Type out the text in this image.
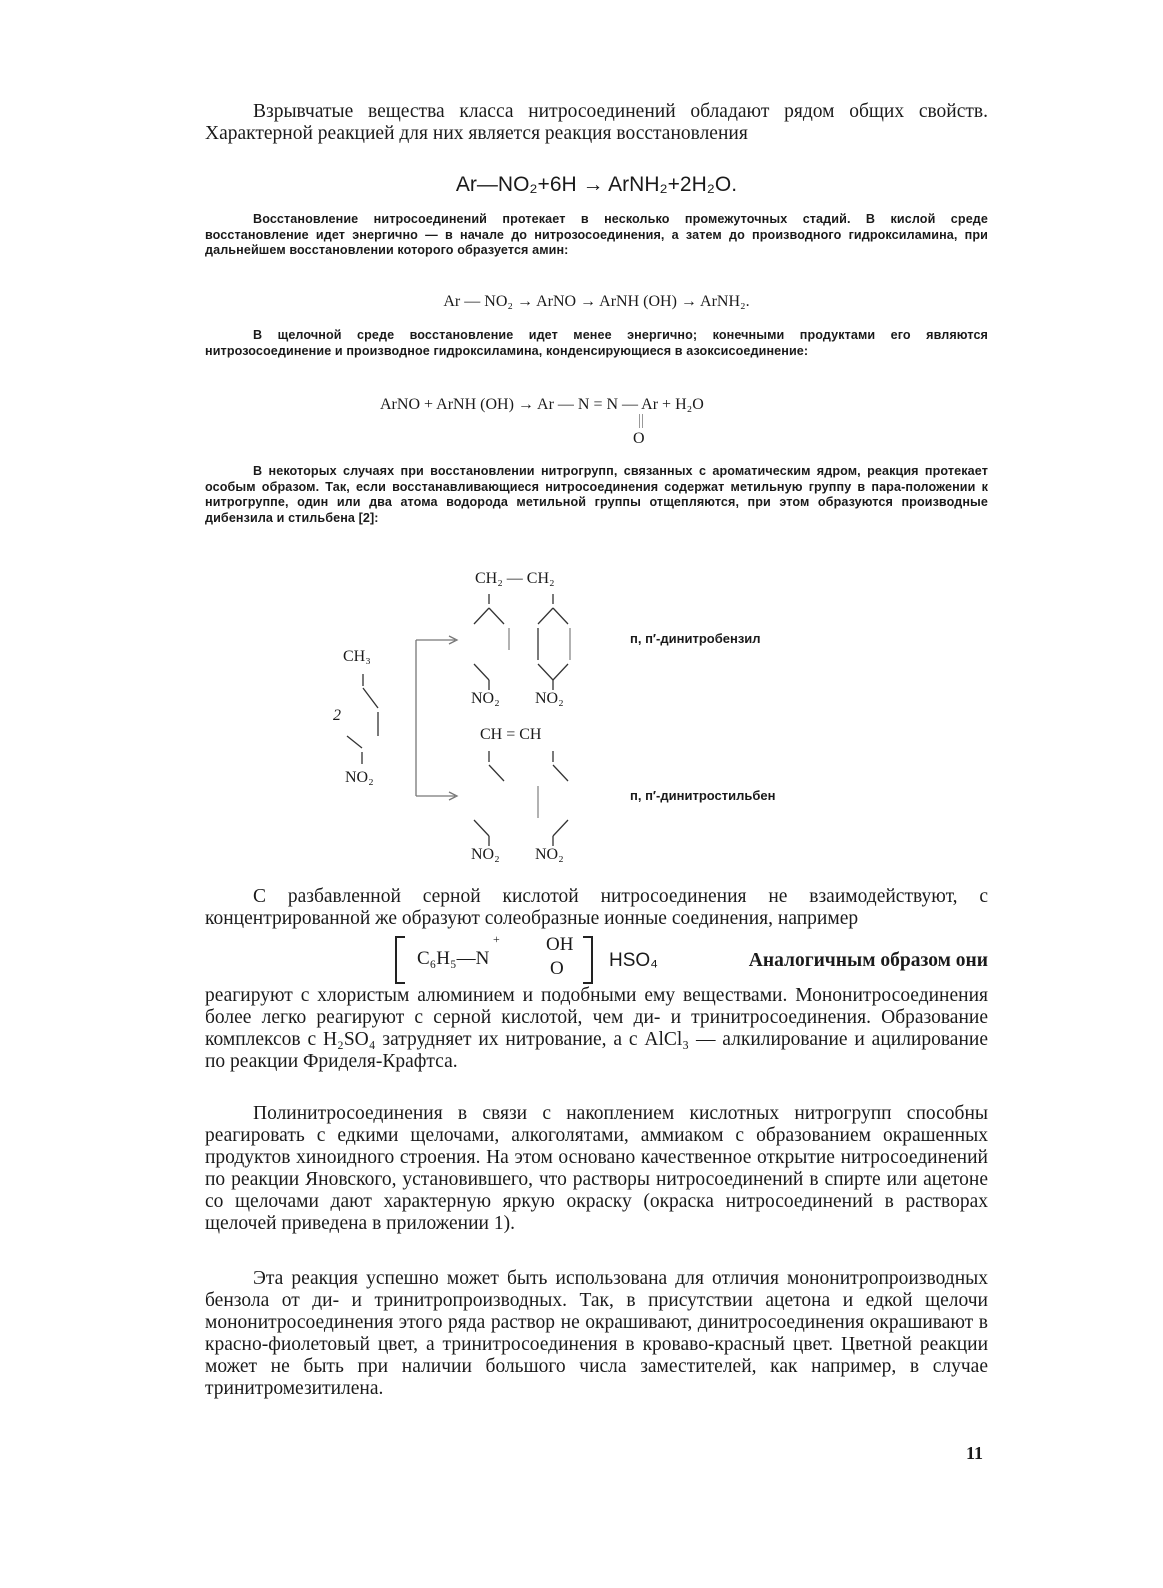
Взрывчатые вещества класса нитросоединений обладают рядом общих свойств. Характерной реакцией для них является реакция восстановления
Ar—NO₂+6H → ArNH₂+2H₂O.
Восстановление нитросоединений протекает в несколько промежуточных стадий. В кислой среде восстановление идет энергично — в начале до нитрозосоединения, а затем до производного гидроксиламина, при дальнейшем восстановлении которого образуется амин:
Ar — NO₂ → ArNO → ArNH (OH) → ArNH₂.
В щелочной среде восстановление идет менее энергично; конечными продуктами его являются нитрозосоединение и производное гидроксиламина, конденсирующиеся в азоксисоединение:
ArNO + ArNH (OH) → Ar — N = N — Ar + H₂O
O
В некоторых случаях при восстановлении нитрогрупп, связанных с ароматическим ядром, реакция протекает особым образом. Так, если восстанавливающиеся нитросоединения содержат метильную группу в пара-положении к нитрогруппе, один или два атома водорода метильной группы отщепляются, при этом образуются производные дибензила и стильбена [2]:
CH₃
2
NO₂
CH₂ — CH₂
NO₂ NO₂
п, п′-динитробензил
CH = CH
NO₂ NO₂
п, п′-динитростильбен
С разбавленной серной кислотой нитросоединения не взаимодействуют, с концентрированной же образуют солеобразные ионные соединения, например
C₆H₅—N
+ OH
O HSO₄	Аналогичным образом они
реагируют с хлористым алюминием и подобными ему веществами. Мононитросоединения более легко реагируют с серной кислотой, чем ди- и тринитросоединения. Образование комплексов с H₂SO₄ затрудняет их нитрование, а с AlCl₃ — алкилирование и ацилирование по реакции Фриделя-Крафтса.
Полинитросоединения в связи с накоплением кислотных нитрогрупп способны реагировать с едкими щелочами, алкоголятами, аммиаком с образованием окрашенных продуктов хиноидного строения. На этом основано качественное открытие нитросоединений по реакции Яновского, установившего, что растворы нитросоединений в спирте или ацетоне со щелочами дают характерную яркую окраску (окраска нитросоединений в растворах щелочей приведена в приложении 1).
Эта реакция успешно может быть использована для отличия мононитропроизводных бензола от ди- и тринитропроизводных. Так, в присутствии ацетона и едкой щелочи мононитросоединения этого ряда раствор не окрашивают, динитросоединения окрашивают в красно-фиолетовый цвет, а тринитросоединения в кроваво-красный цвет. Цветной реакции может не быть при наличии большого числа заместителей, как например, в случае тринитромезитилена.
11
